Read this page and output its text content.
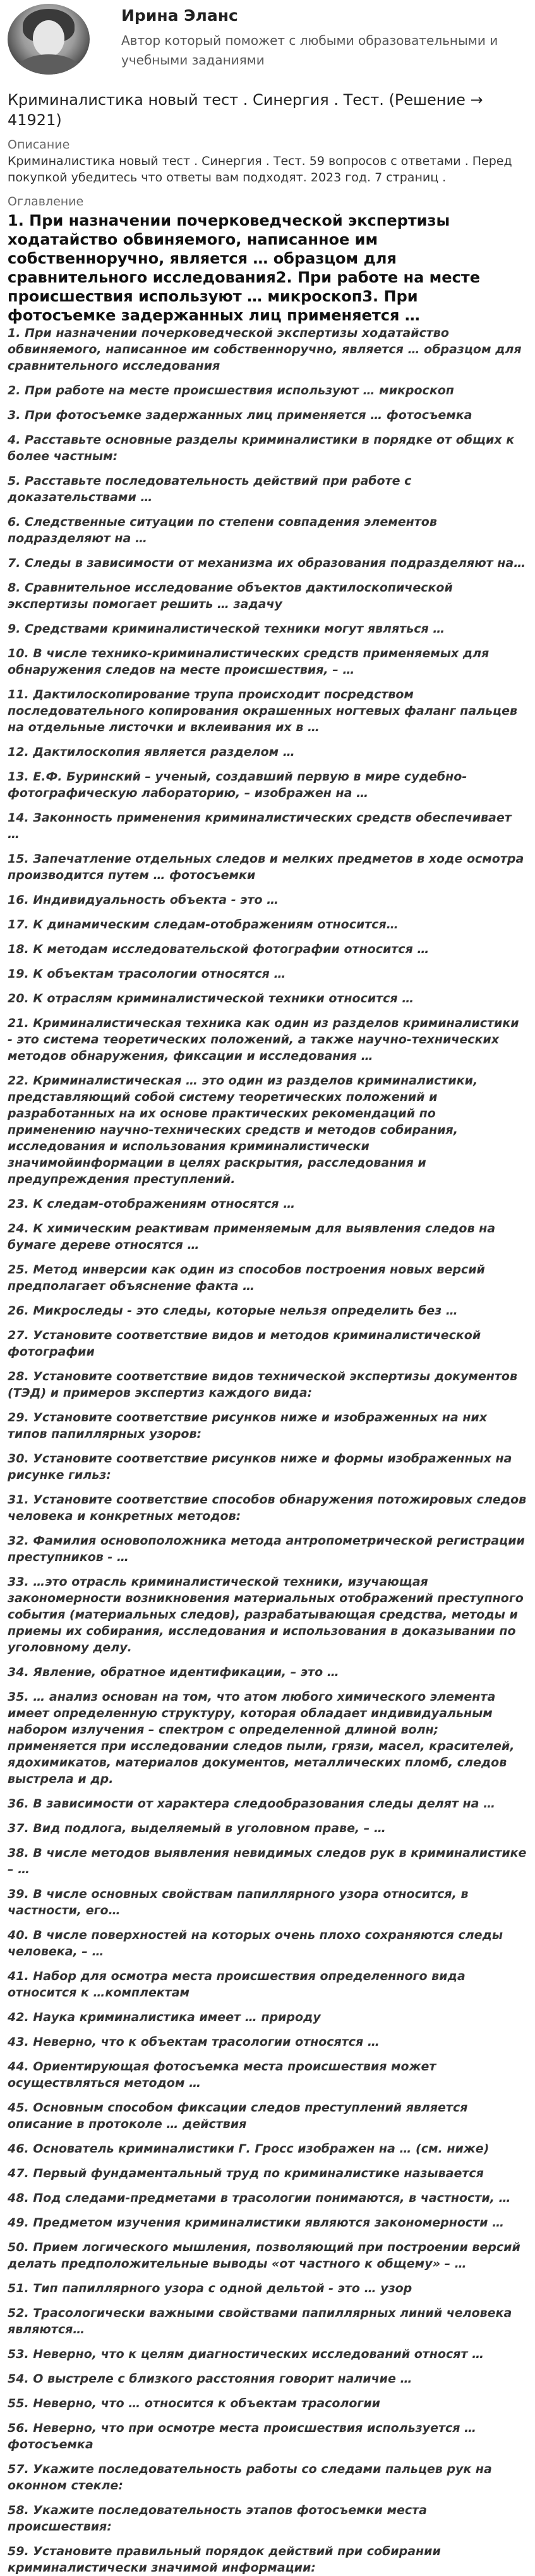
Ирина Эланс
Автор который поможет с любыми образовательными и учебными заданиями
Криминалистика новый тест . Синергия . Тест. (Решение → 41921)
Описание
Криминалистика новый тест . Синергия . Тест. 59 вопросов с ответами . Перед покупкой убедитесь что ответы вам подходят. 2023 год. 7 страниц .
Оглавление
1. При назначении почерковедческой экспертизы ходатайство обвиняемого, написанное им собственноручно, является … образцом для сравнительного исследования2. При работе на месте происшествия используют … микроскоп3. При фотосъемке задержанных лиц применяется …
1. При назначении почерковедческой экспертизы ходатайство обвиняемого, написанное им собственноручно, является … образцом для сравнительного исследования
2. При работе на месте происшествия используют … микроскоп
3. При фотосъемке задержанных лиц применяется … фотосъемка
4. Расставьте основные разделы криминалистики в порядке от общих к более частным:
5. Расставьте последовательность действий при работе с доказательствами …
6. Следственные ситуации по степени совпадения элементов подразделяют на …
7. Следы в зависимости от механизма их образования подразделяют на…
8. Сравнительное исследование объектов дактилоскопической экспертизы помогает решить … задачу
9. Средствами криминалистической техники могут являться …
10. В числе технико-криминалистических средств применяемых для обнаружения следов на месте происшествия, – …
11. Дактилоскопирование трупа происходит посредством последовательного копирования окрашенных ногтевых фаланг пальцев на отдельные листочки и вклеивания их в …
12. Дактилоскопия является разделом …
13. Е.Ф. Буринский – ученый, создавший первую в мире судебно-фотографическую лабораторию, – изображен на …
14. Законность применения криминалистических средств обеспечивает …
15. Запечатление отдельных следов и мелких предметов в ходе осмотра производится путем … фотосъемки
16. Индивидуальность объекта - это …
17. К динамическим следам-отображениям относится…
18. К методам исследовательской фотографии относится …
19. К объектам трасологии относятся …
20. К отраслям криминалистической техники относится …
21. Криминалистическая техника как один из разделов криминалистики - это система теоретических положений, а также научно-технических методов обнаружения, фиксации и исследования …
22. Криминалистическая … это один из разделов криминалистики, представляющий собой систему теоретических положений и разработанных на их основе практических рекомендаций по применению научно-технических средств и методов собирания, исследования и использования криминалистически значимойинформации в целях раскрытия, расследования и предупреждения преступлений.
23. К следам-отображениям относятся …
24. К химическим реактивам применяемым для выявления следов на бумаге дереве относятся …
25. Метод инверсии как один из способов построения новых версий предполагает объяснение факта …
26. Микроследы - это следы, которые нельзя определить без …
27. Установите соответствие видов и методов криминалистической фотографии
28. Установите соответствие видов технической экспертизы документов (ТЭД) и примеров экспертиз каждого вида:
29. Установите соответствие рисунков ниже и изображенных на них типов папиллярных узоров:
30. Установите соответствие рисунков ниже и формы изображенных на рисунке гильз:
31. Установите соответствие способов обнаружения потожировых следов человека и конкретных методов:
32. Фамилия основоположника метода антропометрической регистрации преступников - …
33. …это отрасль криминалистической техники, изучающая закономерности возникновения материальных отображений преступного события (материальных следов), разрабатывающая средства, методы и приемы их собирания, исследования и использования в доказывании по уголовному делу.
34. Явление, обратное идентификации, – это …
35. … анализ основан на том, что атом любого химического элемента имеет определенную структуру, которая обладает индивидуальным набором излучения – спектром с определенной длиной волн; применяется при исследовании следов пыли, грязи, масел, красителей, ядохимикатов, материалов документов, металлических пломб, следов выстрела и др.
36. В зависимости от характера следообразования следы делят на …
37. Вид подлога, выделяемый в уголовном праве, – …
38. В числе методов выявления невидимых следов рук в криминалистике – …
39. В числе основных свойствам папиллярного узора относится, в частности, его…
40. В числе поверхностей на которых очень плохо сохраняются следы человека, – …
41. Набор для осмотра места происшествия определенного вида относится к …комплектам
42. Наука криминалистика имеет … природу
43. Неверно, что к объектам трасологии относятся …
44. Ориентирующая фотосъемка места происшествия может осуществляться методом …
45. Основным способом фиксации следов преступлений является описание в протоколе … действия
46. Основатель криминалистики Г. Гросс изображен на … (см. ниже)
47. Первый фундаментальный труд по криминалистике называется
48. Под следами-предметами в трасологии понимаются, в частности, …
49. Предметом изучения криминалистики являются закономерности …
50. Прием логического мышления, позволяющий при построении версий делать предположительные выводы «от частного к общему» – …
51. Тип папиллярного узора с одной дельтой - это … узор
52. Трасологически важными свойствами папиллярных линий человека являются…
53. Неверно, что к целям диагностических исследований относят …
54. О выстреле с близкого расстояния говорит наличие …
55. Неверно, что … относится к объектам трасологии
56. Неверно, что при осмотре места происшествия используется … фотосъемка
57. Укажите последовательность работы со следами пальцев рук на оконном стекле:
58. Укажите последовательность этапов фотосъемки места происшествия:
59. Установите правильный порядок действий при собирании криминалистически значимой информации:
